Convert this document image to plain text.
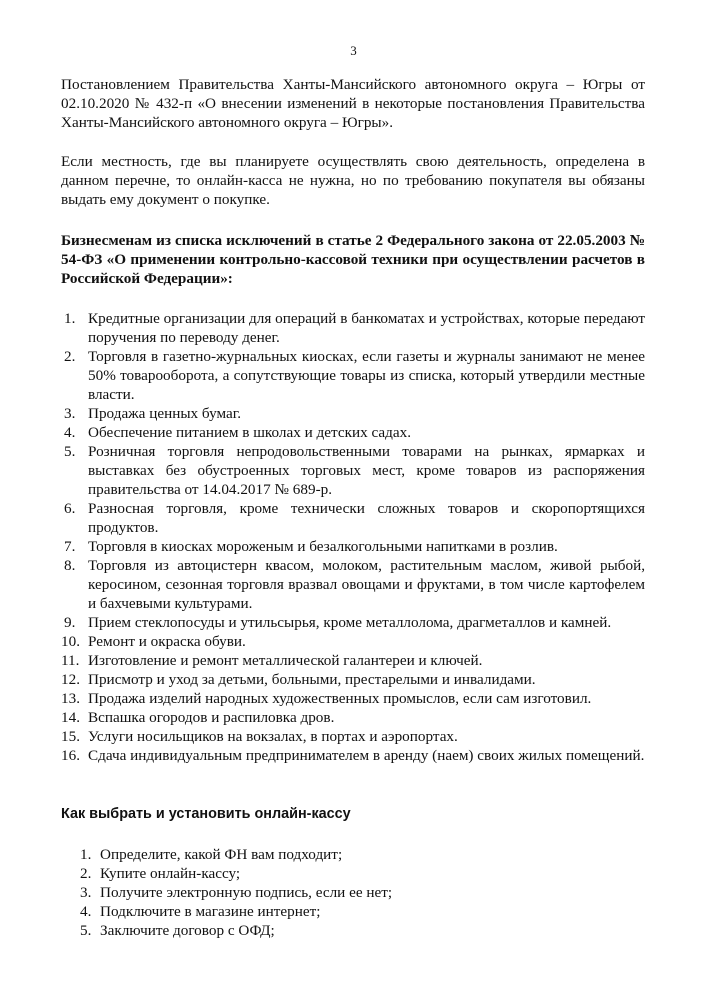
3

Постановлением Правительства Ханты-Мансийского автономного округа – Югры от 02.10.2020 № 432-п «О внесении изменений в некоторые постановления Правительства Ханты-Мансийского автономного округа – Югры».

Если местность, где вы планируете осуществлять свою деятельность, определена в данном перечне, то онлайн-касса не нужна, но по требованию покупателя вы обязаны выдать ему документ о покупке.

Бизнесменам из списка исключений в статье 2 Федерального закона от 22.05.2003 № 54-ФЗ «О применении контрольно-кассовой техники при осуществлении расчетов в Российской Федерации»:

1. Кредитные организации для операций в банкоматах и устройствах, которые передают поручения по переводу денег.
2. Торговля в газетно-журнальных киосках, если газеты и журналы занимают не менее 50% товарооборота, а сопутствующие товары из списка, который утвердили местные власти.
3. Продажа ценных бумаг.
4. Обеспечение питанием в школах и детских садах.
5. Розничная торговля непродовольственными товарами на рынках, ярмарках и выставках без обустроенных торговых мест, кроме товаров из распоряжения правительства от 14.04.2017 № 689-р.
6. Разносная торговля, кроме технически сложных товаров и скоропортящихся продуктов.
7. Торговля в киосках мороженым и безалкогольными напитками в розлив.
8. Торговля из автоцистерн квасом, молоком, растительным маслом, живой рыбой, керосином, сезонная торговля вразвал овощами и фруктами, в том числе картофелем и бахчевыми культурами.
9. Прием стеклопосуды и утильсырья, кроме металлолома, драгметаллов и камней.
10. Ремонт и окраска обуви.
11. Изготовление и ремонт металлической галантереи и ключей.
12. Присмотр и уход за детьми, больными, престарелыми и инвалидами.
13. Продажа изделий народных художественных промыслов, если сам изготовил.
14. Вспашка огородов и распиловка дров.
15. Услуги носильщиков на вокзалах, в портах и аэропортах.
16. Сдача индивидуальным предпринимателем в аренду (наем) своих жилых помещений.

Как выбрать и установить онлайн-кассу

1. Определите, какой ФН вам подходит;
2. Купите онлайн-кассу;
3. Получите электронную подпись, если ее нет;
4. Подключите в магазине интернет;
5. Заключите договор с ОФД;
